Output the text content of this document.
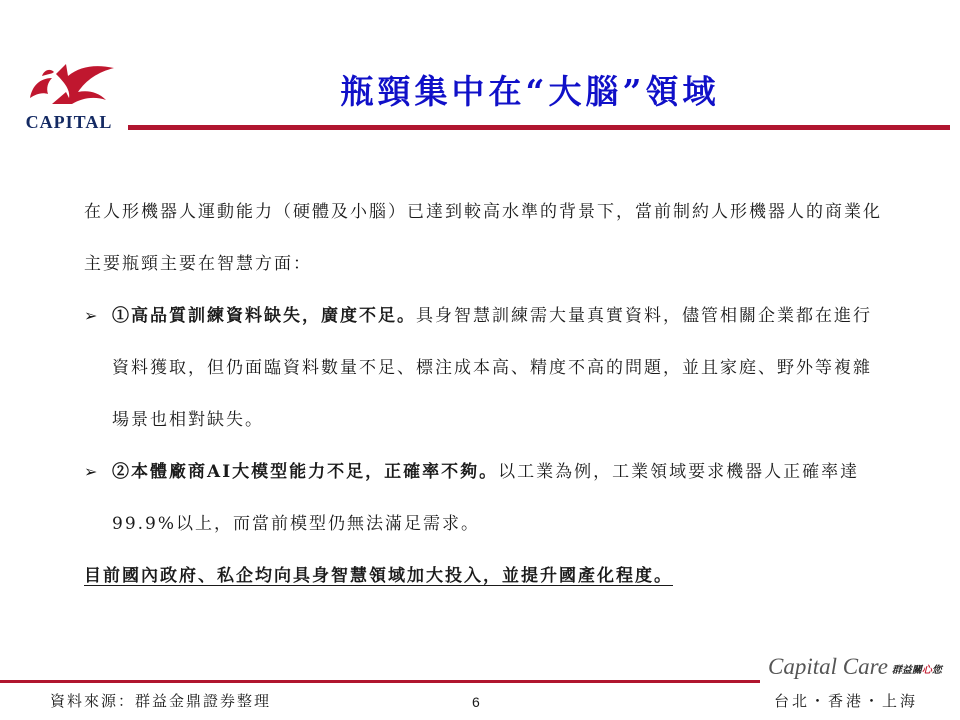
CAPITAL
瓶頸集中在“大腦”領域

在人形機器人運動能力（硬體及小腦）已達到較高水準的背景下，當前制約人形機器人的商業化主要瓶頸主要在智慧方面：

➢ ①高品質訓練資料缺失，廣度不足。具身智慧訓練需大量真實資料，儘管相關企業都在進行資料獲取，但仍面臨資料數量不足、標注成本高、精度不高的問題，並且家庭、野外等複雜場景也相對缺失。

➢ ②本體廠商AI大模型能力不足，正確率不夠。以工業為例，工業領域要求機器人正確率達99.9%以上，而當前模型仍無法滿足需求。

目前國內政府、私企均向具身智慧領域加大投入，並提升國產化程度。

資料來源：群益金鼎證券整理	6
Capital Care 群益關心您
台北・香港・上海
